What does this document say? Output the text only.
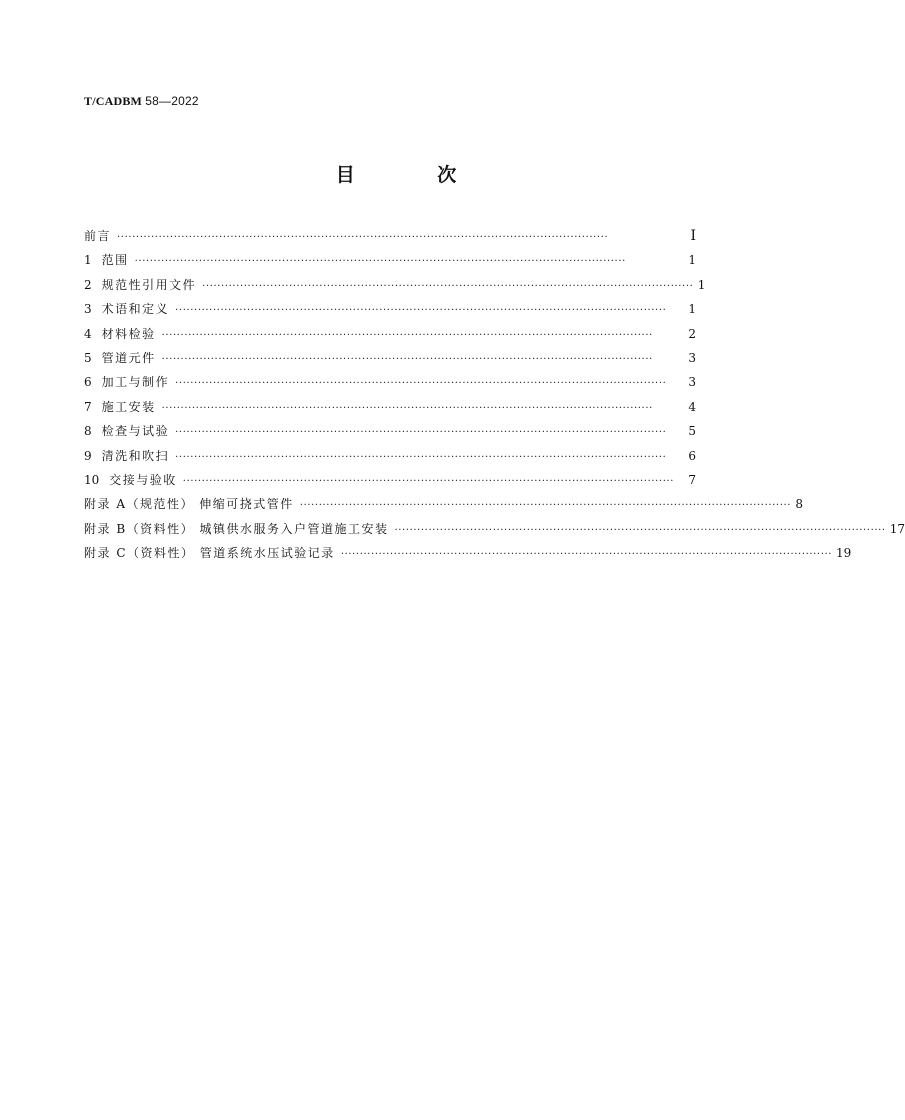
T/CADBM 58—2022
目 次
前言 ··································································································································	Ⅰ
1 范围 ··································································································································	1
2 规范性引用文件 ·································································································································· 1
3 术语和定义 ··································································································································	1
4 材料检验 ··································································································································	2
5 管道元件 ··································································································································	3
6 加工与制作 ··································································································································	3
7 施工安装 ··································································································································	4
8 检查与试验 ··································································································································	5
9 清洗和吹扫 ··································································································································	6
10 交接与验收 ··································································································································	7
附录 A（规范性） 伸缩可挠式管件 ·································································································································· 8
附录 B（资料性） 城镇供水服务入户管道施工安装 ·································································································································· 17
附录 C（资料性） 管道系统水压试验记录 ·································································································································· 19
